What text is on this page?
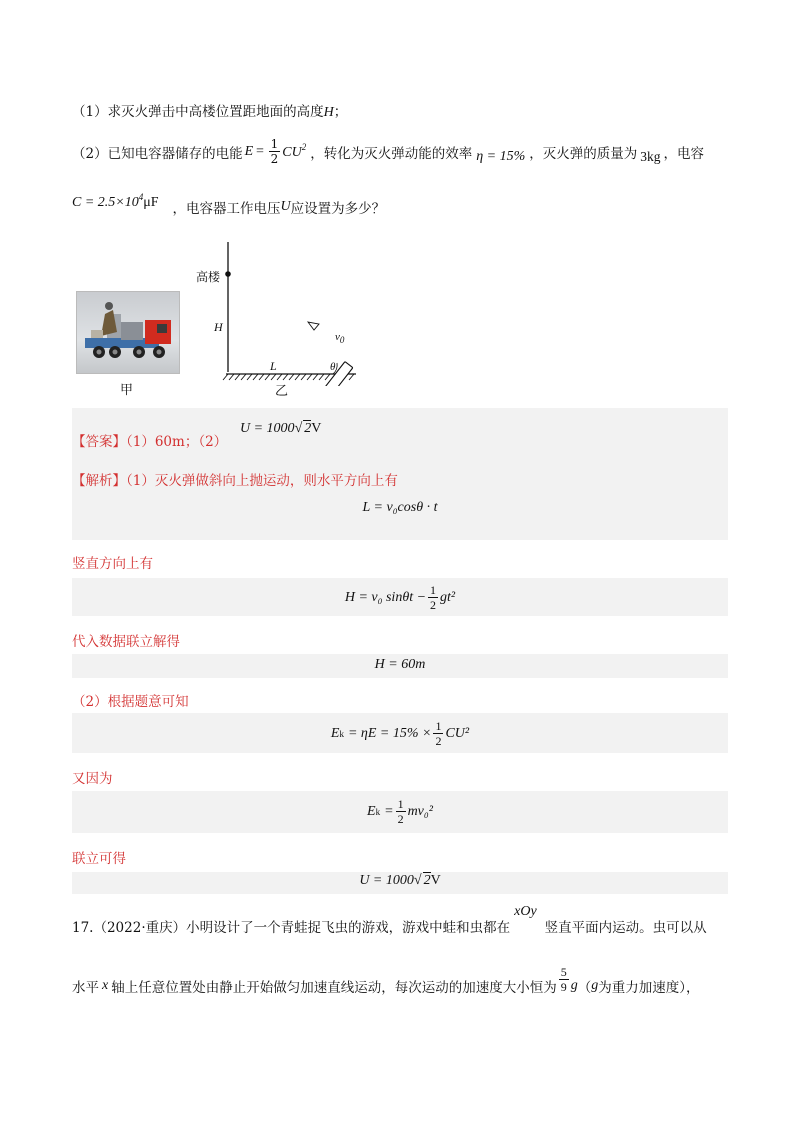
（1）求灭火弹击中高楼位置距地面的高度H；
（2）已知电容器储存的电能 $E = \frac{1}{2} CU^2$ ，转化为灭火弹动能的效率 η = 15% ，灭火弹的质量为 3kg ，电容
$C = 2.5\times 10^4\mu F$ ，电容器工作电压 U 应设置为多少？
甲
高楼
H
L
$v_0$
θ
乙
【答案】（1）60m；（2）
U = 1000√ 2V
【解析】（1）灭火弹做斜向上抛运动，则水平方向上有
L = v₀cosθ · t
竖直方向上有
H = v₀ $\sin\theta t - \frac{1}{2} gt^2$
代入数据联立解得
H = 60m
（2）根据题意可知
E $k = \eta E = 15\% \times \frac{1}{2} CU^2$
又因为
E $k = \frac{1}{2} mv_0^2$
联立可得
U = 1000√ 2V
17.（2022·重庆）小明设计了一个青蛙捉飞虫的游戏，游戏中蛙和虫都在
xOy
竖直平面内运动。虫可以从
水平 x 轴上任意位置处由静止开始做匀加速直线运动，每次运动的加速度大小恒为 $\frac{5}{9}$ g （ g 为重力加速度），
